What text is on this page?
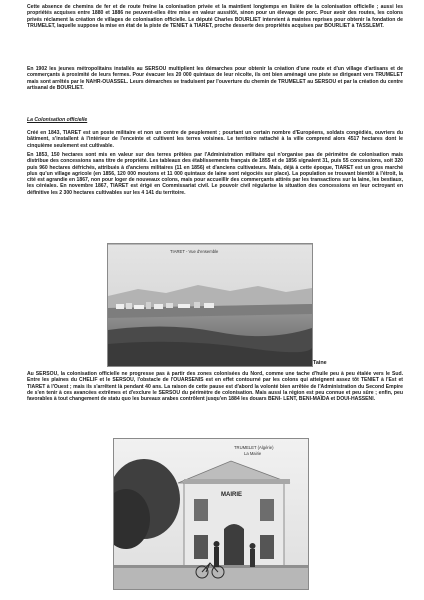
Cette absence de chemins de fer et de route freine la colonisation privée et la maintient longtemps en lisière de la colonisation officielle ; aussi les propriétés acquises entre 1880 et 1886 ne peuvent-elles être mise en valeur aussitôt, sinon pour un élevage de porc. Pour avoir des routes, les colons privés réclament la création de villages de colonisation officielle. Le député Charles BOURLIET intervient à maintes reprises pour obtenir la fondation de TRUMELET, laquelle suppose la mise en état de la piste de TENIET à TIARET, proche desserte des propriétés acquises par BOURLIET à TASSLEMT.

En 1902 les jeunes métropolitains installés au SERSOU multiplient les démarches pour obtenir la création d'une route et d'un village d'artisans et de commerçants à proximité de leurs fermes. Pour évacuer les 20 000 quintaux de leur récolte, ils ont bien aménagé une piste se dirigeant vers TRUMELET mais sont arrêtés par le NAHR-OUASSEL. Leurs démarches se traduisent par l'ouverture du chemin de TRUMELET au SERSOU et par la création du centre artisanal de BOURLIET.

La Colonisation officielle

Créé en 1843, TIARET est un poste militaire et non un centre de peuplement ; pourtant un certain nombre d'Européens, soldats congédiés, ouvriers du bâtiment, s'installent à l'intérieur de l'enceinte et cultivent les terres voisines. Le territoire rattaché à la ville comprend alors 4517 hectares dont le cinquième seulement est cultivable.

En 1853, 150 hectares sont mis en valeur sur des terres prêtées par l'Administration militaire qui n'organise pas de périmètre de colonisation mais distribue des concessions sans titre de propriété. Les tableaux des établissements français de 1855 et de 1856 signalent 31, puis 55 concessions, soit 320 puis 960 hectares défrichés, attribués à d'anciens militaires (11 en 1856) et d'anciens cultivateurs. Mais, déjà à cette époque, TIARET est un gros marché plus qu'un village agricole (en 1856, 120 000 moutons et 11 000 quintaux de laine sont négociés sur place). La population se trouvant bientôt à l'étroit, la cité est agrandie en 1867, non pour loger de nouveaux colons, mais pour accueillir des commerçants attirés par les transactions sur la laine, les bestiaux, les céréales. En novembre 1867, TIARET est érigé en Commissariat civil. Le pouvoir civil régularise la situation des concessions en leur octroyant en définitive les 2 300 hectares cultivables sur les 4 141 du territoire.

TIARET - Vue d'ensemble
Taine

Au SERSOU, la colonisation officielle ne progresse pas à partir des zones colonisées du Nord, comme une tache d'huile peu à peu étalée vers le Sud. Entre les plaines du CHELIF et le SERSOU, l'obstacle de l'OUARSENIS est en effet contourné par les colons qui atteignent assez tôt TENIET à l'Est et TIARET à l'Ouest ; mais ils s'arrêtent là pendant 40 ans. La raison de cette pause est d'abord la volonté bien arrêtée de l'Administration du Second Empire de s'en tenir à ces avancées extrêmes et d'exclure le SERSOU du périmètre de colonisation. Mais aussi la région est peu connue et peu sûre ; enfin, peu favorables à tout changement de statu quo les bureaux arabes contrôlent jusqu'en 1884 les douars BENI- LENT, BENI-MAÏDA et DOUI-HASSENI.

MAIRIE
TRUMELET (Algérie)
La Mairie
